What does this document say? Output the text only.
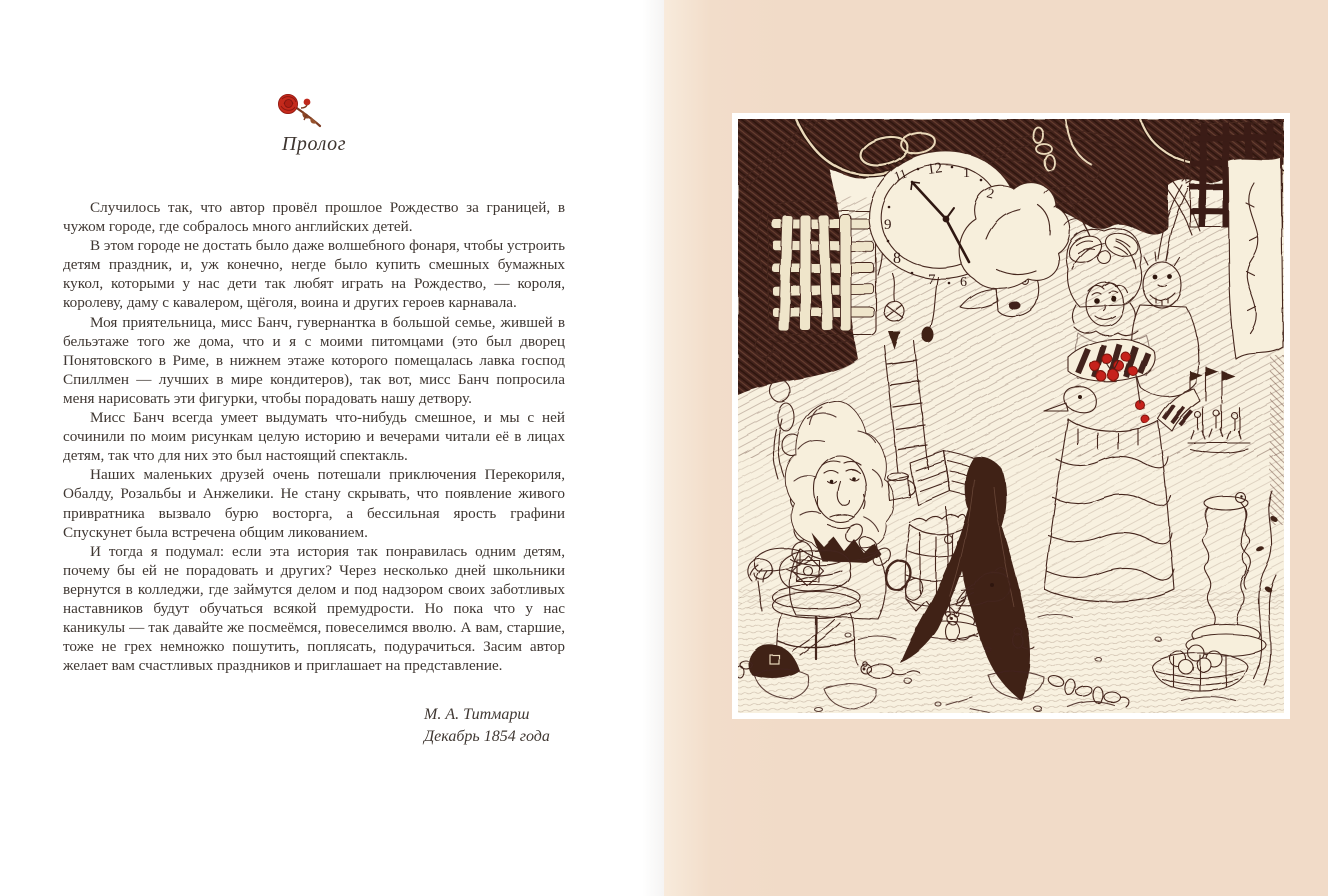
Пролог

Случилось так, что автор провёл прошлое Рождество за границей, в чужом городе, где собралось много английских детей.

В этом городе не достать было даже волшебного фонаря, чтобы устроить детям праздник, и, уж конечно, негде было купить смешных бумажных кукол, которыми у нас дети так любят играть на Рождество, — короля, королеву, даму с кавалером, щёголя, воина и других героев карнавала.

Моя приятельница, мисс Банч, гувернантка в большой семье, жившей в бельэтаже того же дома, что и я с моими питомцами (это был дворец Понятовского в Риме, в нижнем этаже которого помещалась лавка господ Спиллмен — лучших в мире кондитеров), так вот, мисс Банч попросила меня нарисовать эти фигурки, чтобы порадовать нашу детвору.

Мисс Банч всегда умеет выдумать что-нибудь смешное, и мы с ней сочинили по моим рисункам целую историю и вечерами читали её в лицах детям, так что для них это был настоящий спектакль.

Наших маленьких друзей очень потешали приключения Перекориля, Обалду, Розальбы и Анжелики. Не стану скрывать, что появление живого привратника вызвало бурю восторга, а бессильная ярость графини Спускунет была встречена общим ликованием.

И тогда я подумал: если эта история так понравилась одним детям, почему бы ей не порадовать и других? Через несколько дней школьники вернутся в колледжи, где займутся делом и под надзором своих заботливых наставников будут обучаться всякой премудрости. Но пока что у нас каникулы — так давайте же посмеёмся, повеселимся вволю. А вам, старшие, тоже не грех немножко пошутить, поплясать, подурачиться. Засим автор желает вам счастливых праздников и приглашает на представление.

М. А. Титмарш
Декабрь 1854 года
11 12 1
2
9
8
7 6
